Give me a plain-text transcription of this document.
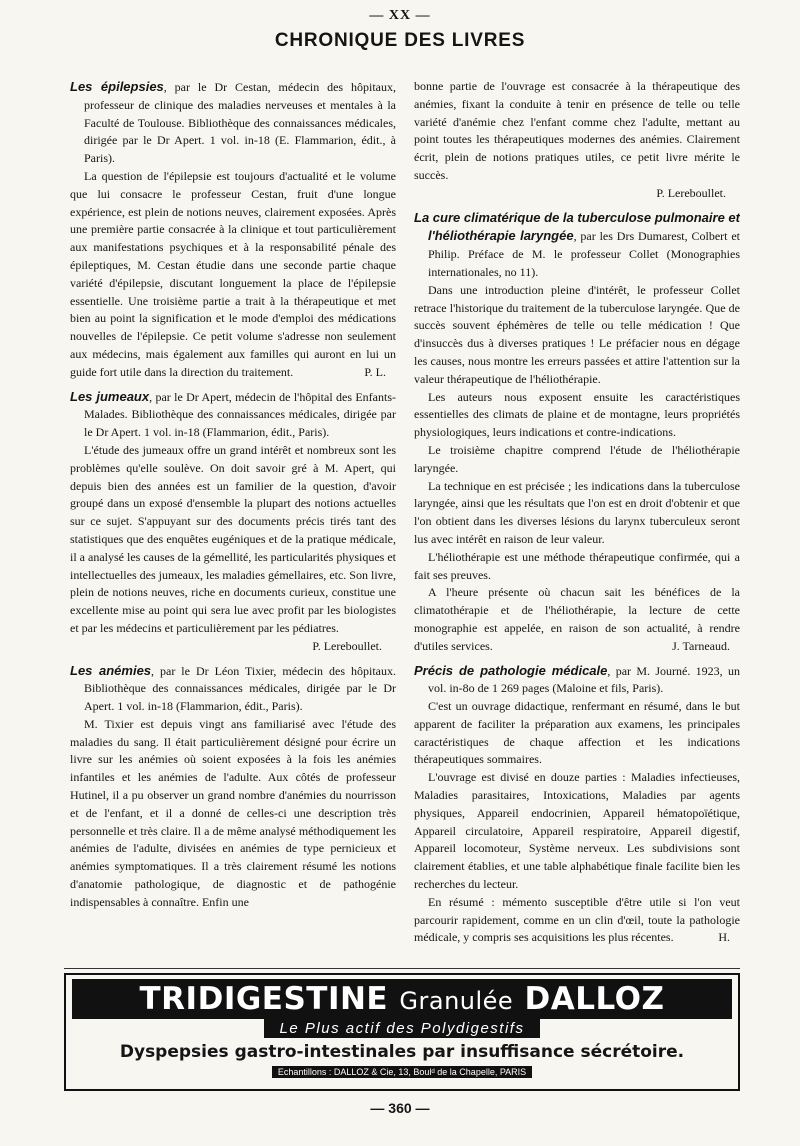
— XX —
CHRONIQUE DES LIVRES

Les épilepsies, par le Dr Cestan, médecin des hôpitaux, professeur de clinique des maladies nerveuses et mentales à la Faculté de Toulouse. Bibliothèque des connaissances médicales, dirigée par le Dr Apert. 1 vol. in-18 (E. Flammarion, édit., à Paris).

La question de l'épilepsie est toujours d'actualité et le volume que lui consacre le professeur Cestan, fruit d'une longue expérience, est plein de notions neuves, clairement exposées. Après une première partie consacrée à la clinique et tout particulièrement aux manifestations psychiques et à la responsabilité pénale des épileptiques, M. Cestan étudie dans une seconde partie chaque variété d'épilepsie, discutant longuement la place de l'épilepsie essentielle. Une troisième partie a trait à la thérapeutique et met bien au point la signification et le mode d'emploi des médications nouvelles de l'épilepsie. Ce petit volume s'adresse non seulement aux médecins, mais également aux familles qui auront en lui un guide fort utile dans la direction du traitement.	P. L.

Les jumeaux, par le Dr Apert, médecin de l'hôpital des Enfants-Malades. Bibliothèque des connaissances médicales, dirigée par le Dr Apert. 1 vol. in-18 (Flammarion, édit., Paris).

L'étude des jumeaux offre un grand intérêt et nombreux sont les problèmes qu'elle soulève. On doit savoir gré à M. Apert, qui depuis bien des années est un familier de la question, d'avoir groupé dans un exposé d'ensemble la plupart des notions actuelles sur ce sujet. S'appuyant sur des documents précis tirés tant des statistiques que des enquêtes eugéniques et de la pratique médicale, il a analysé les causes de la gémellité, les particularités physiques et intellectuelles des jumeaux, les maladies gémellaires, etc. Son livre, plein de notions neuves, riche en documents curieux, constitue une excellente mise au point qui sera lue avec profit par les biologistes et par les médecins et particulièrement par les pédiatres.

P. Lereboullet.

Les anémies, par le Dr Léon Tixier, médecin des hôpitaux. Bibliothèque des connaissances médicales, dirigée par le Dr Apert. 1 vol. in-18 (Flammarion, édit., Paris).

M. Tixier est depuis vingt ans familiarisé avec l'étude des maladies du sang. Il était particulièrement désigné pour écrire un livre sur les anémies où soient exposées à la fois les anémies infantiles et les anémies de l'adulte. Aux côtés de professeur Hutinel, il a pu observer un grand nombre d'anémies du nourrisson et de l'enfant, et il a donné de celles-ci une description très personnelle et très claire. Il a de même analysé méthodiquement les anémies de l'adulte, divisées en anémies de type pernicieux et anémies symptomatiques. Il a très clairement résumé les notions d'anatomie pathologique, de diagnostic et de pathogénie indispensables à connaître. Enfin une

bonne partie de l'ouvrage est consacrée à la thérapeutique des anémies, fixant la conduite à tenir en présence de telle ou telle variété d'anémie chez l'enfant comme chez l'adulte, mettant au point toutes les thérapeutiques modernes des anémies. Clairement écrit, plein de notions pratiques utiles, ce petit livre mérite le succès.

P. Lereboullet.

La cure climatérique de la tuberculose pulmonaire et l'héliothérapie laryngée, par les Drs Dumarest, Colbert et Philip. Préface de M. le professeur Collet (Monographies internationales, no 11).

Dans une introduction pleine d'intérêt, le professeur Collet retrace l'historique du traitement de la tuberculose laryngée. Que de succès souvent éphémères de telle ou telle médication ! Que d'insuccès dus à diverses pratiques ! Le préfacier nous en dégage les causes, nous montre les erreurs passées et attire l'attention sur la valeur thérapeutique de l'héliothérapie.

Les auteurs nous exposent ensuite les caractéristiques essentielles des climats de plaine et de montagne, leurs propriétés physiologiques, leurs indications et contre-indications.

Le troisième chapitre comprend l'étude de l'héliothérapie laryngée.

La technique en est précisée ; les indications dans la tuberculose laryngée, ainsi que les résultats que l'on est en droit d'obtenir et que l'on obtient dans les diverses lésions du larynx tuberculeux seront lus avec intérêt en raison de leur valeur.

L'héliothérapie est une méthode thérapeutique confirmée, qui a fait ses preuves.

A l'heure présente où chacun sait les bénéfices de la climatothérapie et de l'héliothérapie, la lecture de cette monographie est appelée, en raison de son actualité, à rendre d'utiles services.	J. Tarneaud.

Précis de pathologie médicale, par M. Journé. 1923, un vol. in-8o de 1 269 pages (Maloine et fils, Paris).

C'est un ouvrage didactique, renfermant en résumé, dans le but apparent de faciliter la préparation aux examens, les principales caractéristiques de chaque affection et les indications thérapeutiques sommaires.

L'ouvrage est divisé en douze parties : Maladies infectieuses, Maladies parasitaires, Intoxications, Maladies par agents physiques, Appareil endocrinien, Appareil hématopoïétique, Appareil circulatoire, Appareil respiratoire, Appareil digestif, Appareil locomoteur, Système nerveux. Les subdivisions sont clairement établies, et une table alphabétique finale facilite bien les recherches du lecteur.

En résumé : mémento susceptible d'être utile si l'on veut parcourir rapidement, comme en un clin d'œil, toute la pathologie médicale, y compris ses acquisitions les plus récentes.	H.

TRIDIGESTINE Granulée DALLOZ
Le Plus actif des Polydigestifs
Dyspepsies gastro-intestinales par insuffisance sécrétoire.
Echantillons : DALLOZ & Cie, 13, Boulᵈ de la Chapelle, PARIS
— 360 —
